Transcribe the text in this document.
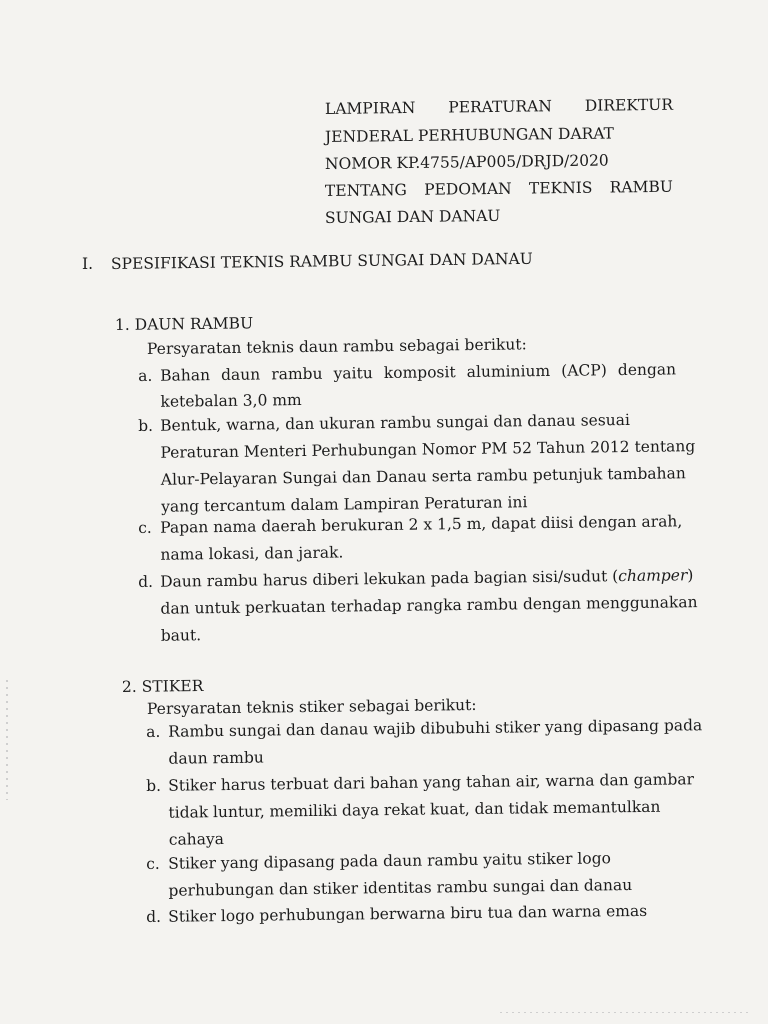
LAMPIRAN PERATURAN DIREKTUR
JENDERAL PERHUBUNGAN DARAT
NOMOR KP.4755/AP005/DRJD/2020
TENTANG PEDOMAN TEKNIS RAMBU
SUNGAI DAN DANAU
I. SPESIFIKASI TEKNIS RAMBU SUNGAI DAN DANAU
1. DAUN RAMBU
Persyaratan teknis daun rambu sebagai berikut:
a. Bahan daun rambu yaitu komposit aluminium (ACP) dengan
ketebalan 3,0 mm
b. Bentuk, warna, dan ukuran rambu sungai dan danau sesuai
Peraturan Menteri Perhubungan Nomor PM 52 Tahun 2012 tentang
Alur-Pelayaran Sungai dan Danau serta rambu petunjuk tambahan
yang tercantum dalam Lampiran Peraturan ini
c. Papan nama daerah berukuran 2 x 1,5 m, dapat diisi dengan arah,
nama lokasi, dan jarak.
d. Daun rambu harus diberi lekukan pada bagian sisi/sudut (champer)
dan untuk perkuatan terhadap rangka rambu dengan menggunakan
baut.
2. STIKER
Persyaratan teknis stiker sebagai berikut:
a. Rambu sungai dan danau wajib dibubuhi stiker yang dipasang pada
daun rambu
b. Stiker harus terbuat dari bahan yang tahan air, warna dan gambar
tidak luntur, memiliki daya rekat kuat, dan tidak memantulkan
cahaya
c. Stiker yang dipasang pada daun rambu yaitu stiker logo
perhubungan dan stiker identitas rambu sungai dan danau
d. Stiker logo perhubungan berwarna biru tua dan warna emas
